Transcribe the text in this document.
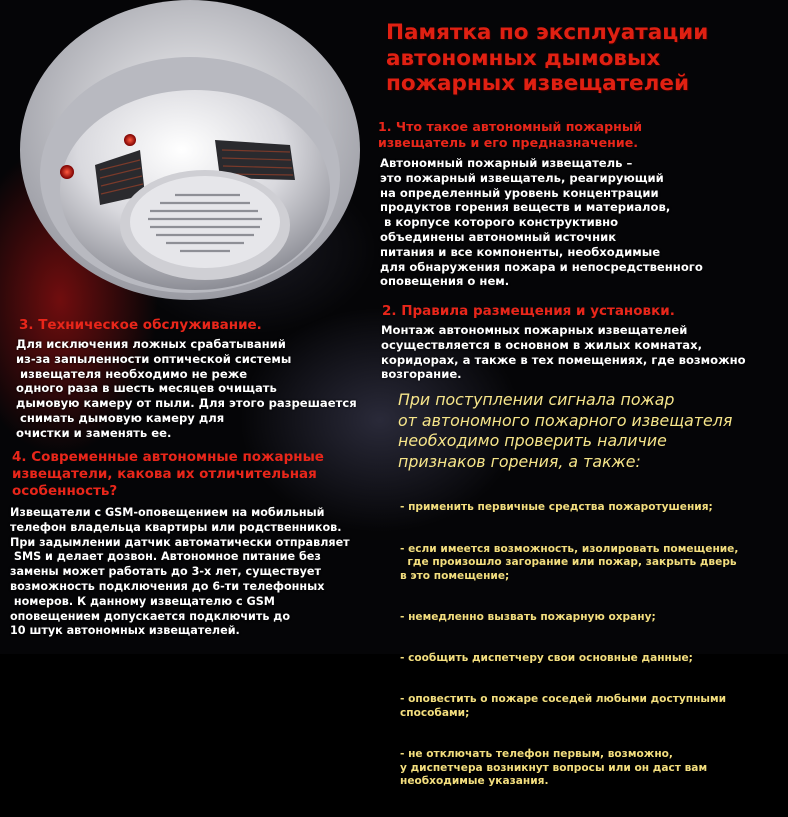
Памятка по эксплуатации
автономных дымовых
пожарных извещателей
1. Что такое автономный пожарный
извещатель и его предназначение.
Автономный пожарный извещатель –
это пожарный извещатель, реагирующий
на определенный уровень концентрации
продуктов горения веществ и материалов,
в корпусе которого конструктивно
объединены автономный источник
питания и все компоненты, необходимые
для обнаружения пожара и непосредственного
оповещения о нем.
2. Правила размещения и установки.
Монтаж автономных пожарных извещателей
осуществляется в основном в жилых комнатах,
коридорах, а также в тех помещениях, где возможно
возгорание.
3. Техническое обслуживание.
Для исключения ложных срабатываний
из-за запыленности оптической системы
извещателя необходимо не реже
одного раза в шесть месяцев очищать
дымовую камеру от пыли. Для этого разрешается
снимать дымовую камеру для
очистки и заменять ее.
4. Современные автономные пожарные
извещатели, какова их отличительная
особенность?
Извещатели с GSM-оповещением на мобильный
телефон владельца квартиры или родственников.
При задымлении датчик автоматически отправляет
SMS и делает дозвон. Автономное питание без
замены может работать до 3-х лет, существует
возможность подключения до 6-ти телефонных
номеров. К данному извещателю с GSM
оповещением допускается подключить до
10 штук автономных извещателей.
При поступлении сигнала пожар
от автономного пожарного извещателя
необходимо проверить наличие
признаков горения, а также:

- применить первичные средства пожаротушения;

- если имеется возможность, изолировать помещение,
где произошло загорание или пожар, закрыть дверь
в это помещение;

- немедленно вызвать пожарную охрану;

- сообщить диспетчеру свои основные данные;

- оповестить о пожаре соседей любыми доступными
способами;

- не отключать телефон первым, возможно,
у диспетчера возникнут вопросы или он даст вам
необходимые указания.
